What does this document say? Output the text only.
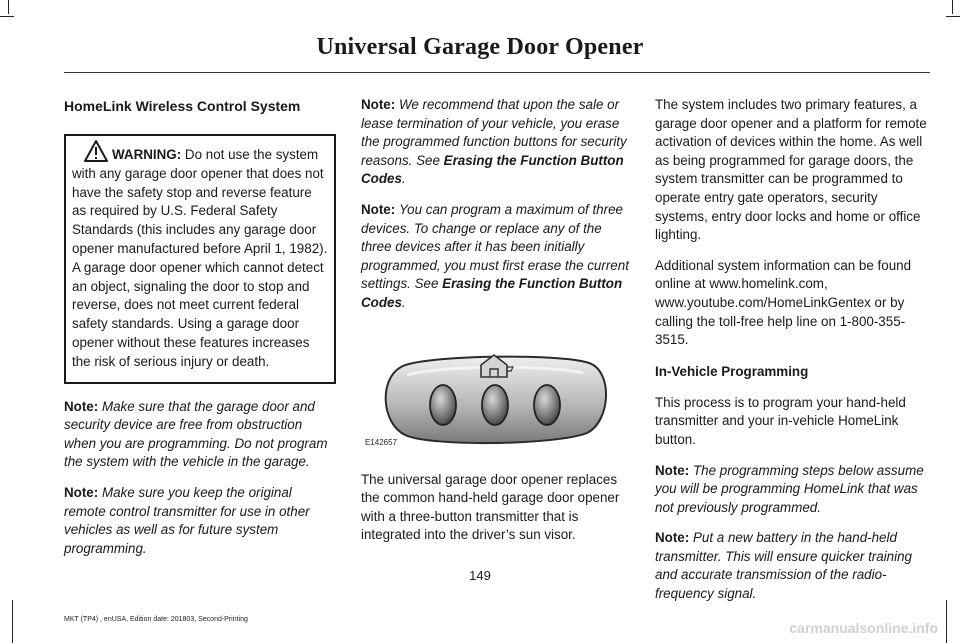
Universal Garage Door Opener
HomeLink Wireless Control System
WARNING: Do not use the system with any garage door opener that does not have the safety stop and reverse feature as required by U.S. Federal Safety Standards (this includes any garage door opener manufactured before April 1, 1982). A garage door opener which cannot detect an object, signaling the door to stop and reverse, does not meet current federal safety standards. Using a garage door opener without these features increases the risk of serious injury or death.

Note: Make sure that the garage door and security device are free from obstruction when you are programming. Do not program the system with the vehicle in the garage.

Note: Make sure you keep the original remote control transmitter for use in other vehicles as well as for future system programming.

Note: We recommend that upon the sale or lease termination of your vehicle, you erase the programmed function buttons for security reasons. See Erasing the Function Button Codes.

Note: You can program a maximum of three devices. To change or replace any of the three devices after it has been initially programmed, you must first erase the current settings. See Erasing the Function Button Codes.

E142657

The universal garage door opener replaces the common hand-held garage door opener with a three-button transmitter that is integrated into the driver’s sun visor.

The system includes two primary features, a garage door opener and a platform for remote activation of devices within the home. As well as being programmed for garage doors, the system transmitter can be programmed to operate entry gate operators, security systems, entry door locks and home or office lighting.

Additional system information can be found online at www.homelink.com, www.youtube.com/HomeLinkGentex or by calling the toll-free help line on 1-800-355-3515.

In-Vehicle Programming

This process is to program your hand-held transmitter and your in-vehicle HomeLink button.

Note: The programming steps below assume you will be programming HomeLink that was not previously programmed.

Note: Put a new battery in the hand-held transmitter. This will ensure quicker training and accurate transmission of the radio-frequency signal.

149
MKT (TP4) , enUSA, Edition date: 201803, Second-Printing
carmanualsonline.info
